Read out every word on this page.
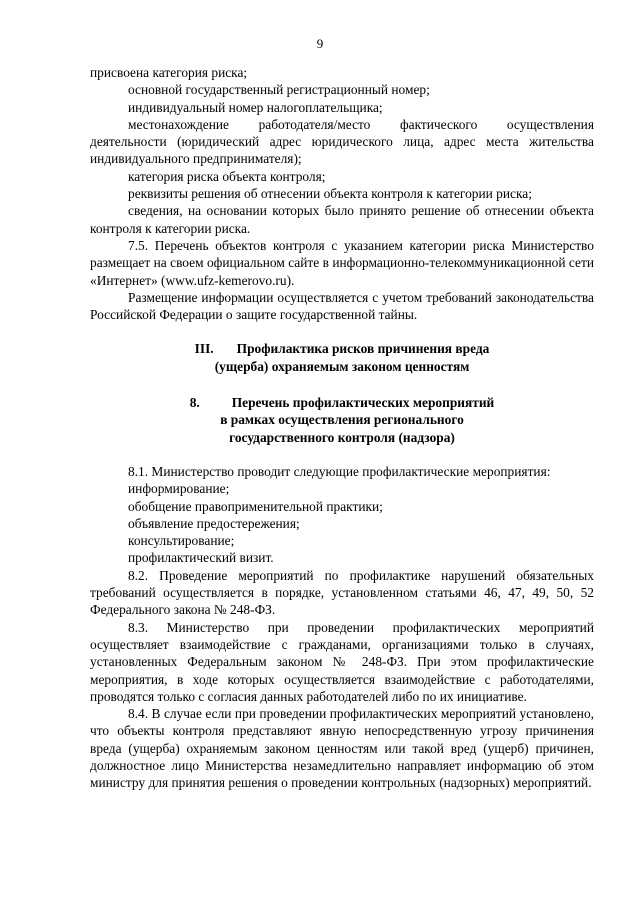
9

присвоена категория риска;

основной государственный регистрационный номер;

индивидуальный номер налогоплательщика;

местонахождение работодателя/место фактического осуществления деятельности (юридический адрес юридического лица, адрес места жительства индивидуального предпринимателя);

категория риска объекта контроля;

реквизиты решения об отнесении объекта контроля к категории риска;

сведения, на основании которых было принято решение об отнесении объекта контроля к категории риска.

7.5. Перечень объектов контроля с указанием категории риска Министерство размещает на своем официальном сайте в информационно-телекоммуникационной сети «Интернет» (www.ufz-kemerovo.ru).

Размещение информации осуществляется с учетом требований законодательства Российской Федерации о защите государственной тайны.

III. Профилактика рисков причинения вреда

(ущерба) охраняемым законом ценностям

8. Перечень профилактических мероприятий

в рамках осуществления регионального

государственного контроля (надзора)

8.1. Министерство проводит следующие профилактические мероприятия:

информирование;

обобщение правоприменительной практики;

объявление предостережения;

консультирование;

профилактический визит.

8.2. Проведение мероприятий по профилактике нарушений обязательных требований осуществляется в порядке, установленном статьями 46, 47, 49, 50, 52 Федерального закона № 248-ФЗ.

8.3. Министерство при проведении профилактических мероприятий осуществляет взаимодействие с гражданами, организациями только в случаях, установленных Федеральным законом № 248-ФЗ. При этом профилактические мероприятия, в ходе которых осуществляется взаимодействие с работодателями, проводятся только с согласия данных работодателей либо по их инициативе.

8.4. В случае если при проведении профилактических мероприятий установлено, что объекты контроля представляют явную непосредственную угрозу причинения вреда (ущерба) охраняемым законом ценностям или такой вред (ущерб) причинен, должностное лицо Министерства незамедлительно направляет информацию об этом министру для принятия решения о проведении контрольных (надзорных) мероприятий.
